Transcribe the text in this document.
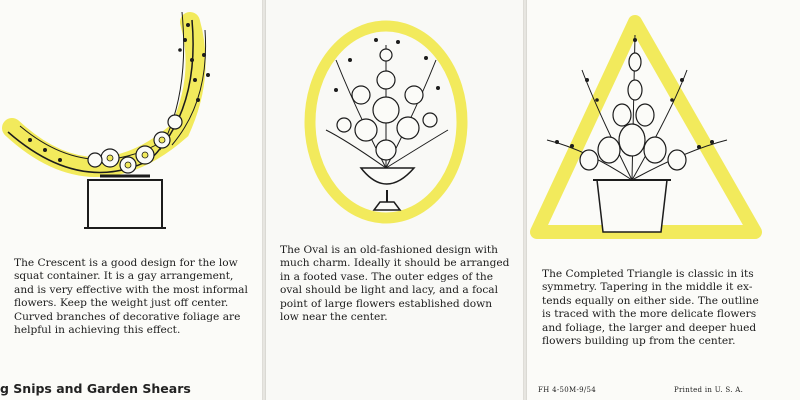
The Crescent is a good design for the low
squat container. It is a gay arrangement,
and is very effective with the most informal
flowers. Keep the weight just off center.
Curved branches of decorative foliage are
helpful in achieving this effect.

g Snips and Garden Shears

The Oval is an old-fashioned design with
much charm. Ideally it should be arranged
in a footed vase. The outer edges of the
oval should be light and lacy, and a focal
point of large flowers established down
low near the center.

The Completed Triangle is classic in its
symmetry. Tapering in the middle it ex-
tends equally on either side. The outline
is traced with the more delicate flowers
and foliage, the larger and deeper hued
flowers building up from the center.

FH 4-50M-9/54	Printed in U. S. A.
